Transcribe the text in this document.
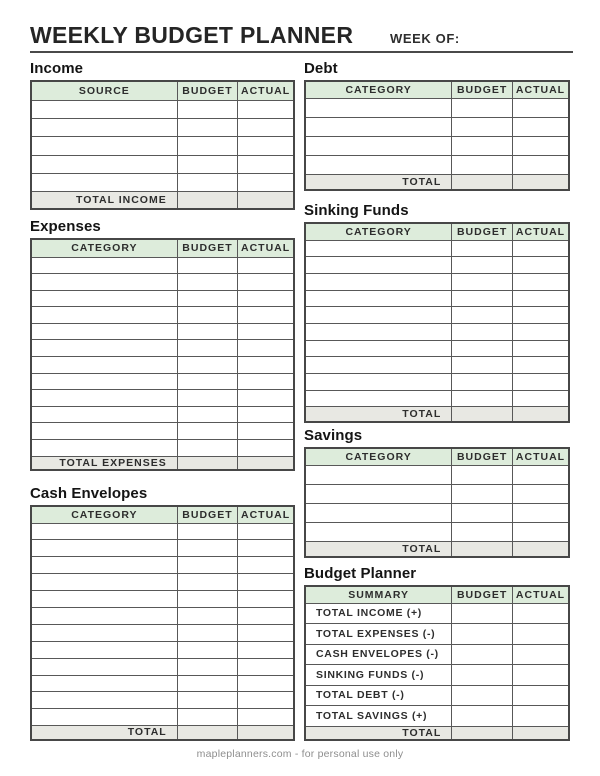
WEEKLY BUDGET PLANNER	WEEK OF:
Income
SOURCE	BUDGET	ACTUAL

TOTAL INCOME		
Expenses
CATEGORY	BUDGET	ACTUAL

TOTAL EXPENSES		
Cash Envelopes
CATEGORY	BUDGET	ACTUAL

TOTAL		
Debt
CATEGORY	BUDGET	ACTUAL

TOTAL		
Sinking Funds
CATEGORY	BUDGET	ACTUAL

TOTAL		
Savings
CATEGORY	BUDGET	ACTUAL

TOTAL		
Budget Planner
SUMMARY	BUDGET	ACTUAL
TOTAL INCOME (+)		
TOTAL EXPENSES (-)		
CASH ENVELOPES (-)		
SINKING FUNDS (-)		
TOTAL DEBT (-)		
TOTAL SAVINGS (+)		
TOTAL		
mapleplanners.com - for personal use only
